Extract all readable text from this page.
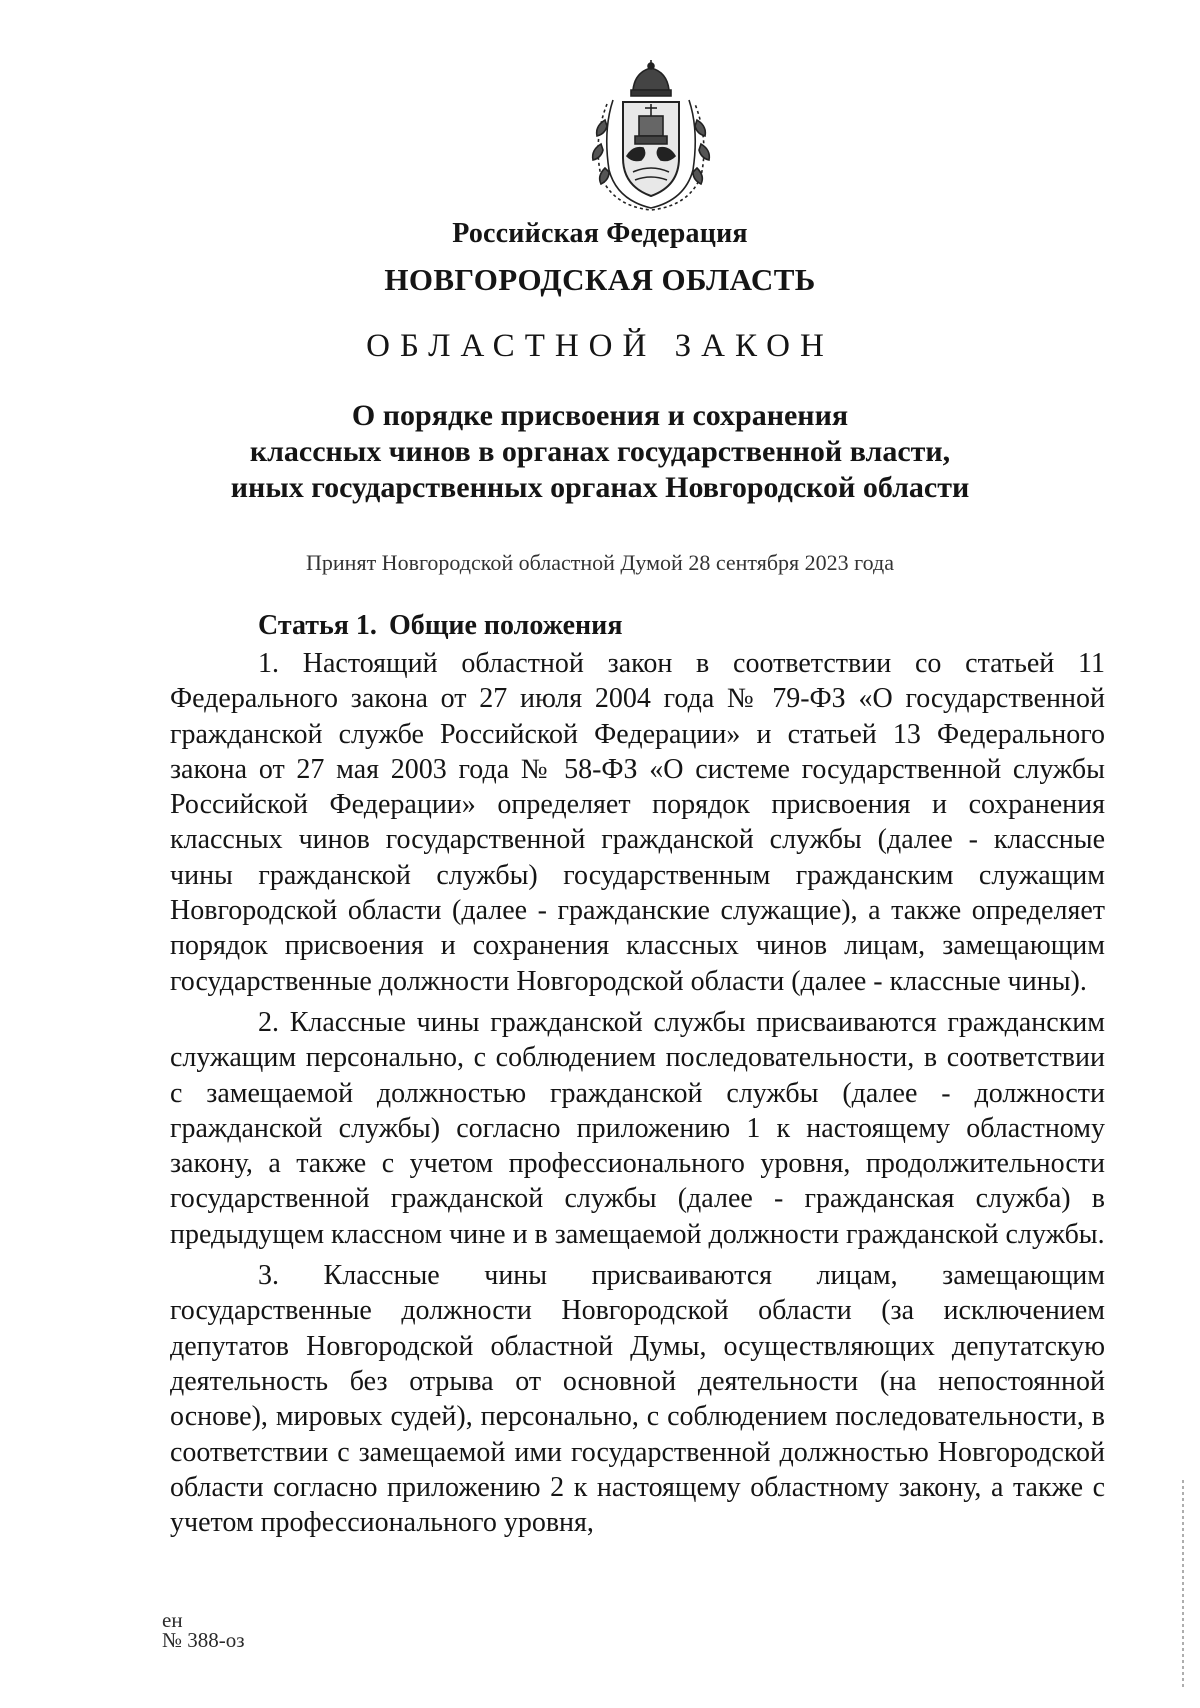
Российская Федерация
НОВГОРОДСКАЯ ОБЛАСТЬ
ОБЛАСТНОЙ ЗАКОН
О порядке присвоения и сохранения
классных чинов в органах государственной власти,
иных государственных органах Новгородской области
Принят Новгородской областной Думой 28 сентября 2023 года
Статья 1. Общие положения

1. Настоящий областной закон в соответствии со статьей 11 Федерального закона от 27 июля 2004 года № 79-ФЗ «О государственной гражданской службе Российской Федерации» и статьей 13 Федерального закона от 27 мая 2003 года № 58-ФЗ «О системе государственной службы Российской Федерации» определяет порядок присвоения и сохранения классных чинов государственной гражданской службы (далее - классные чины гражданской службы) государственным гражданским служащим Новгородской области (далее - гражданские служащие), а также определяет порядок присвоения и сохранения классных чинов лицам, замещающим государственные должности Новгородской области (далее - классные чины).

2. Классные чины гражданской службы присваиваются гражданским служащим персонально, с соблюдением последовательности, в соответствии с замещаемой должностью гражданской службы (далее - должности гражданской службы) согласно приложению 1 к настоящему областному закону, а также с учетом профессионального уровня, продолжительности государственной гражданской службы (далее - гражданская служба) в предыдущем классном чине и в замещаемой должности гражданской службы.

3. Классные чины присваиваются лицам, замещающим государственные должности Новгородской области (за исключением депутатов Новгородской областной Думы, осуществляющих депутатскую деятельность без отрыва от основной деятельности (на непостоянной основе), мировых судей), персонально, с соблюдением последовательности, в соответствии с замещаемой ими государственной должностью Новгородской области согласно приложению 2 к настоящему областному закону, а также с учетом профессионального уровня,

ен
№ 388-оз
